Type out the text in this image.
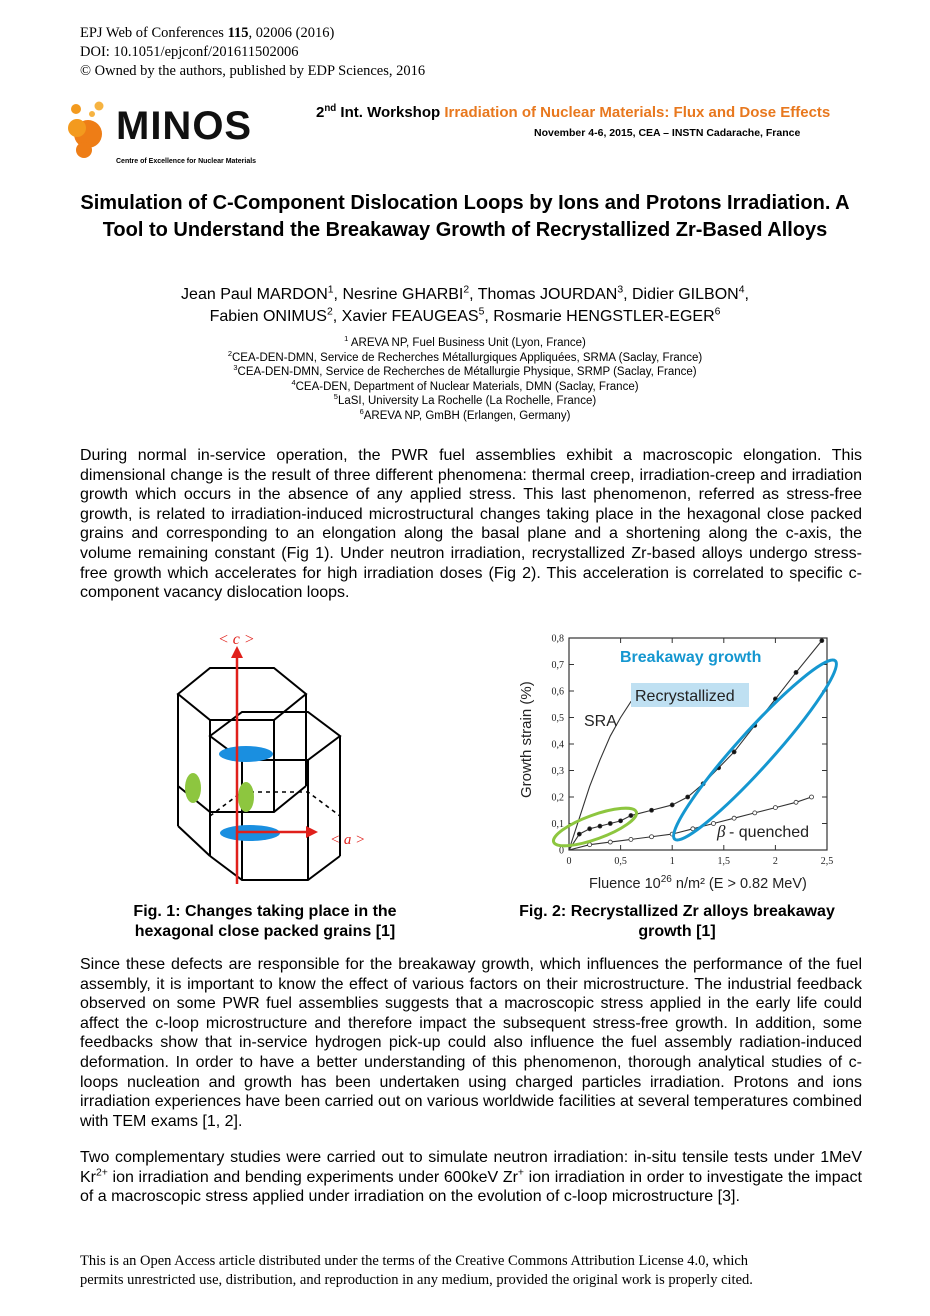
EPJ Web of Conferences 115, 02006 (2016)
DOI: 10.1051/epjconf/201611502006
© Owned by the authors, published by EDP Sciences, 2016
MINOS
Centre of Excellence for Nuclear Materials
2nd Int. Workshop Irradiation of Nuclear Materials: Flux and Dose Effects
November 4-6, 2015, CEA – INSTN Cadarache, France
Simulation of C-Component Dislocation Loops by Ions and Protons Irradiation. A Tool to Understand the Breakaway Growth of Recrystallized Zr-Based Alloys
Jean Paul MARDON$^1$, Nesrine GHARBI$^2$, Thomas JOURDAN$^3$, Didier GILBON$^4$,
Fabien ONIMUS$^2$, Xavier FEAUGEAS$^5$, Rosmarie HENGSTLER-EGER$^6$
$^1$ AREVA NP, Fuel Business Unit (Lyon, France)
$^2$CEA-DEN-DMN, Service de Recherches Métallurgiques Appliquées, SRMA (Saclay, France)
$^3$CEA-DEN-DMN, Service de Recherches de Métallurgie Physique, SRMP (Saclay, France)
$^4$CEA-DEN, Department of Nuclear Materials, DMN (Saclay, France)
$^5$LaSI, University La Rochelle (La Rochelle, France)
$^6$AREVA NP, GmBH (Erlangen, Germany)
During normal in-service operation, the PWR fuel assemblies exhibit a macroscopic elongation. This dimensional change is the result of three different phenomena: thermal creep, irradiation-creep and irradiation growth which occurs in the absence of any applied stress. This last phenomenon, referred as stress-free growth, is related to irradiation-induced microstructural changes taking place in the hexagonal close packed grains and corresponding to an elongation along the basal plane and a shortening along the c-axis, the volume remaining constant (Fig 1). Under neutron irradiation, recrystallized Zr-based alloys undergo stress-free growth which accelerates for high irradiation doses (Fig 2). This acceleration is correlated to specific c-component vacancy dislocation loops.
< c >
< a >
0	0,5	1	1,5	2	2,5
0
0,1
0,2
0,3
0,4
0,5
0,6
0,7
0,8
Breakaway growth
Recrystallized
SRA
β - quenched
Growth strain (%)
Fluence $10^{26}$ n/m² (E > 0.82 MeV)
Fig. 1: Changes taking place in the hexagonal close packed grains [1]
Fig. 2: Recrystallized Zr alloys breakaway growth [1]
Since these defects are responsible for the breakaway growth, which influences the performance of the fuel assembly, it is important to know the effect of various factors on their microstructure. The industrial feedback observed on some PWR fuel assemblies suggests that a macroscopic stress applied in the early life could affect the c-loop microstructure and therefore impact the subsequent stress-free growth. In addition, some feedbacks show that in-service hydrogen pick-up could also influence the fuel assembly radiation-induced deformation. In order to have a better understanding of this phenomenon, thorough analytical studies of c-loops nucleation and growth has been undertaken using charged particles irradiation. Protons and ions irradiation experiences have been carried out on various worldwide facilities at several temperatures combined with TEM exams [1, 2].
Two complementary studies were carried out to simulate neutron irradiation: in-situ tensile tests under 1MeV $Kr^{2+}$ ion irradiation and bending experiments under 600keV Zr+ ion irradiation in order to investigate the impact of a macroscopic stress applied under irradiation on the evolution of c-loop microstructure [3].
This is an Open Access article distributed under the terms of the Creative Commons Attribution License 4.0, which
permits unrestricted use, distribution, and reproduction in any medium, provided the original work is properly cited.
